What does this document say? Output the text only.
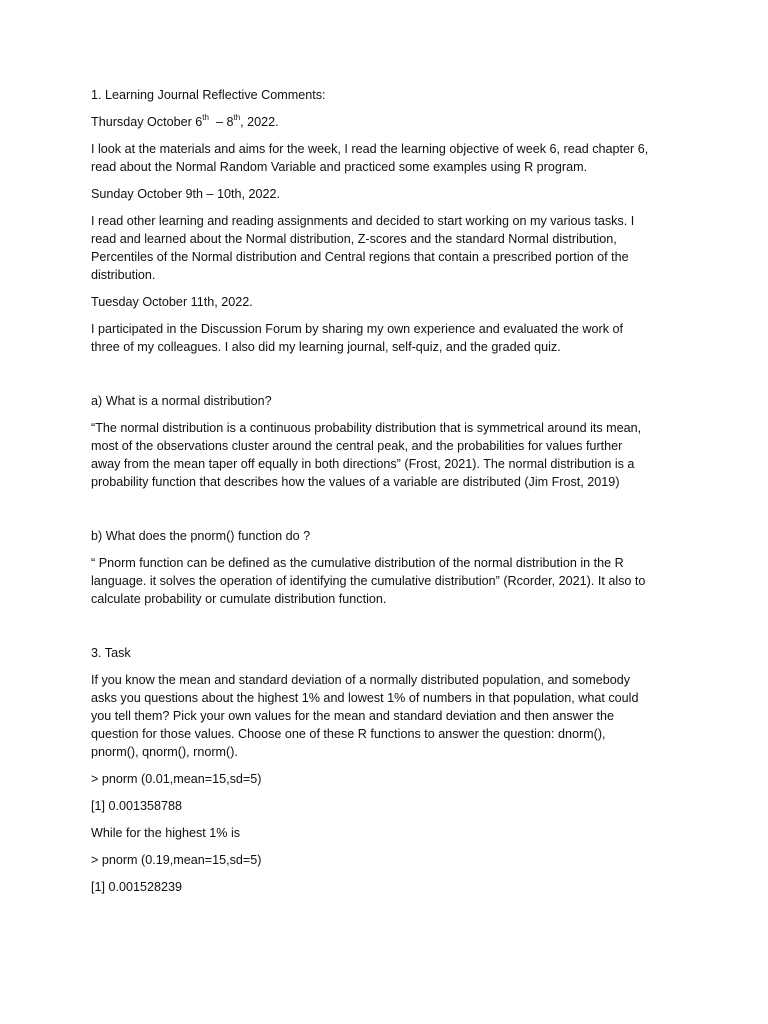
1. Learning Journal Reflective Comments:

Thursday October 6th  – 8th, 2022.

I look at the materials and aims for the week, I read the learning objective of week 6, read chapter 6,
read about the Normal Random Variable and practiced some examples using R program.

Sunday October 9th – 10th, 2022.

I read other learning and reading assignments and decided to start working on my various tasks. I
read and learned about the Normal distribution, Z-scores and the standard Normal distribution,
Percentiles of the Normal distribution and Central regions that contain a prescribed portion of the
distribution.

Tuesday October 11th, 2022.

I participated in the Discussion Forum by sharing my own experience and evaluated the work of
three of my colleagues. I also did my learning journal, self-quiz, and the graded quiz.

a) What is a normal distribution?

“The normal distribution is a continuous probability distribution that is symmetrical around its mean,
most of the observations cluster around the central peak, and the probabilities for values further
away from the mean taper off equally in both directions” (Frost, 2021). The normal distribution is a
probability function that describes how the values of a variable are distributed (Jim Frost, 2019)

b) What does the pnorm() function do ?

“ Pnorm function can be defined as the cumulative distribution of the normal distribution in the R
language. it solves the operation of identifying the cumulative distribution” (Rcorder, 2021). It also to
calculate probability or cumulate distribution function.

3. Task

If you know the mean and standard deviation of a normally distributed population, and somebody
asks you questions about the highest 1% and lowest 1% of numbers in that population, what could
you tell them? Pick your own values for the mean and standard deviation and then answer the
question for those values. Choose one of these R functions to answer the question: dnorm(),
pnorm(), qnorm(), rnorm().

> pnorm (0.01,mean=15,sd=5)

[1] 0.001358788

While for the highest 1% is

> pnorm (0.19,mean=15,sd=5)

[1] 0.001528239
